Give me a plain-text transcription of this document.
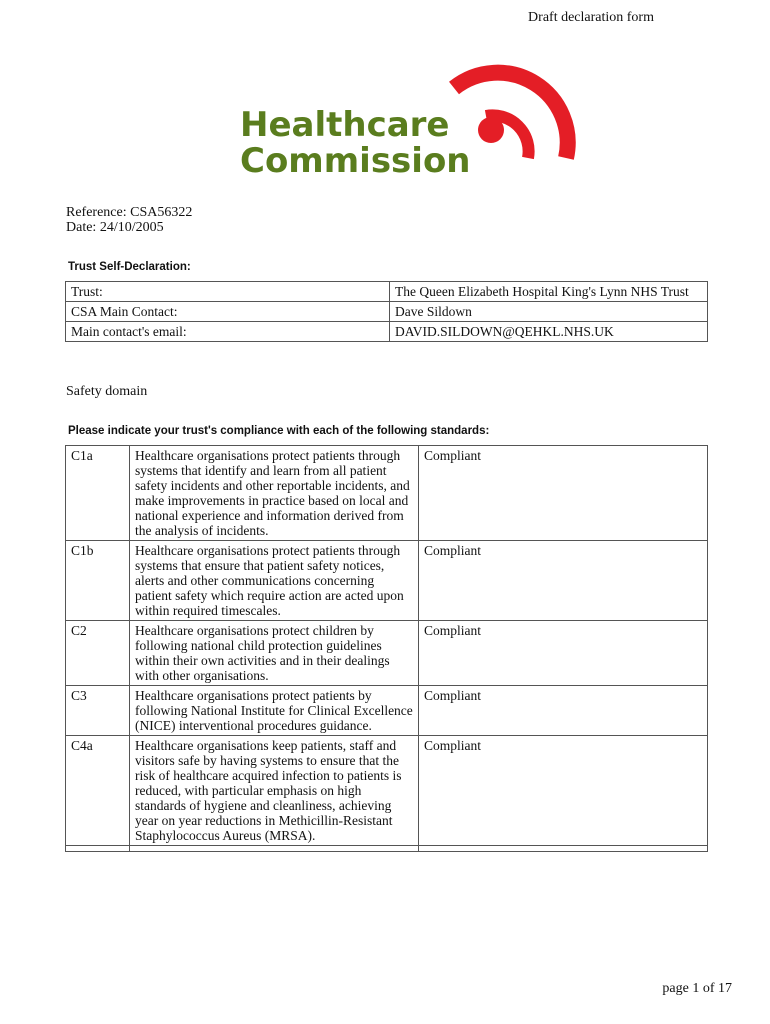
Draft declaration form
Healthcare
Commission
Reference: CSA56322
Date: 24/10/2005
Trust Self-Declaration:
Trust:	The Queen Elizabeth Hospital King's Lynn NHS Trust
CSA Main Contact:	Dave Sildown
Main contact's email:	DAVID.SILDOWN@QEHKL.NHS.UK
Safety domain
Please indicate your trust's compliance with each of the following standards:
C1a	Healthcare organisations protect patients through systems that identify and learn from all patient safety incidents and other reportable incidents, and make improvements in practice based on local and national experience and information derived from the analysis of incidents.	Compliant
C1b	Healthcare organisations protect patients through systems that ensure that patient safety notices, alerts and other communications concerning patient safety which require action are acted upon within required timescales.	Compliant
C2	Healthcare organisations protect children by following national child protection guidelines within their own activities and in their dealings with other organisations.	Compliant
C3	Healthcare organisations protect patients by following National Institute for Clinical Excellence (NICE) interventional procedures guidance.	Compliant
C4a	Healthcare organisations keep patients, staff and visitors safe by having systems to ensure that the risk of healthcare acquired infection to patients is reduced, with particular emphasis on high standards of hygiene and cleanliness, achieving year on year reductions in Methicillin-Resistant Staphylococcus Aureus (MRSA).	Compliant

page 1 of 17
